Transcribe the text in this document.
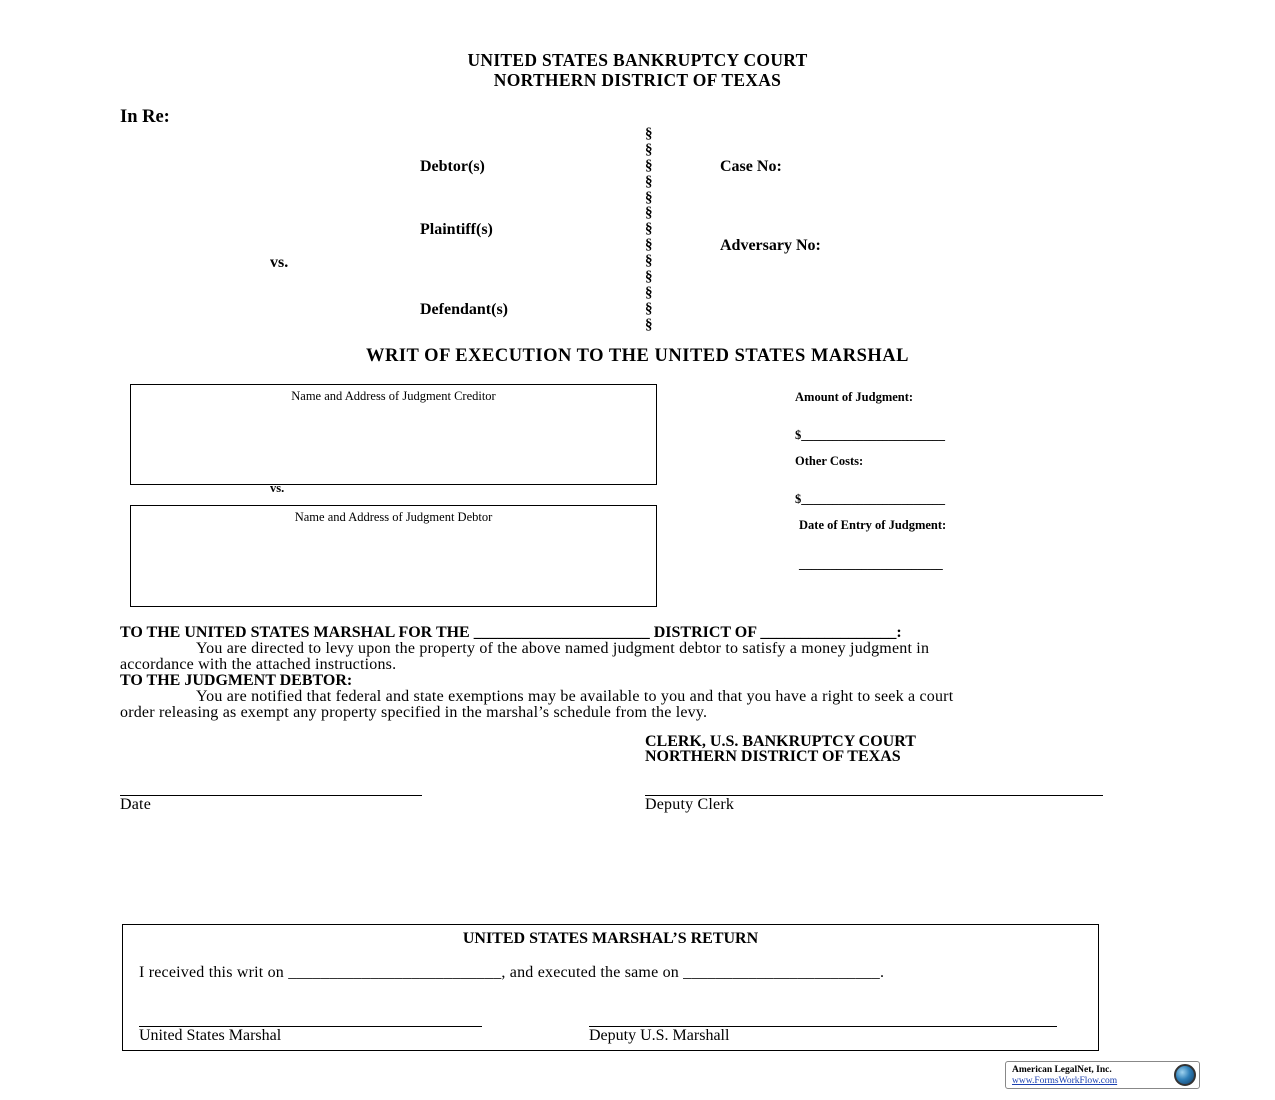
UNITED STATES BANKRUPTCY COURT
NORTHERN DISTRICT OF TEXAS
In Re:
Debtor(s)
Plaintiff(s)
vs.
Defendant(s)
§
§
§
§
§
§
§
§
§
§
§
§
§
Case No:
Adversary No:
WRIT OF EXECUTION TO THE UNITED STATES MARSHAL
Name and Address of Judgment Creditor
vs.
Name and Address of Judgment Debtor
Amount of Judgment:
$_______________________
Other Costs:
$_______________________
Date of Entry of Judgment:
_______________________
TO THE UNITED STATES MARSHAL FOR THE ______________________ DISTRICT OF _________________:
You are directed to levy upon the property of the above named judgment debtor to satisfy a money judgment in
accordance with the attached instructions.
TO THE JUDGMENT DEBTOR:
You are notified that federal and state exemptions may be available to you and that you have a right to seek a court
order releasing as exempt any property specified in the marshal’s schedule from the levy.
CLERK, U.S. BANKRUPTCY COURT
NORTHERN DISTRICT OF TEXAS
Date	Deputy Clerk
UNITED STATES MARSHAL’S RETURN
I received this writ on __________________________, and executed the same on ________________________.
United States Marshal	Deputy U.S. Marshall
American LegalNet, Inc.
www.FormsWorkFlow.com
